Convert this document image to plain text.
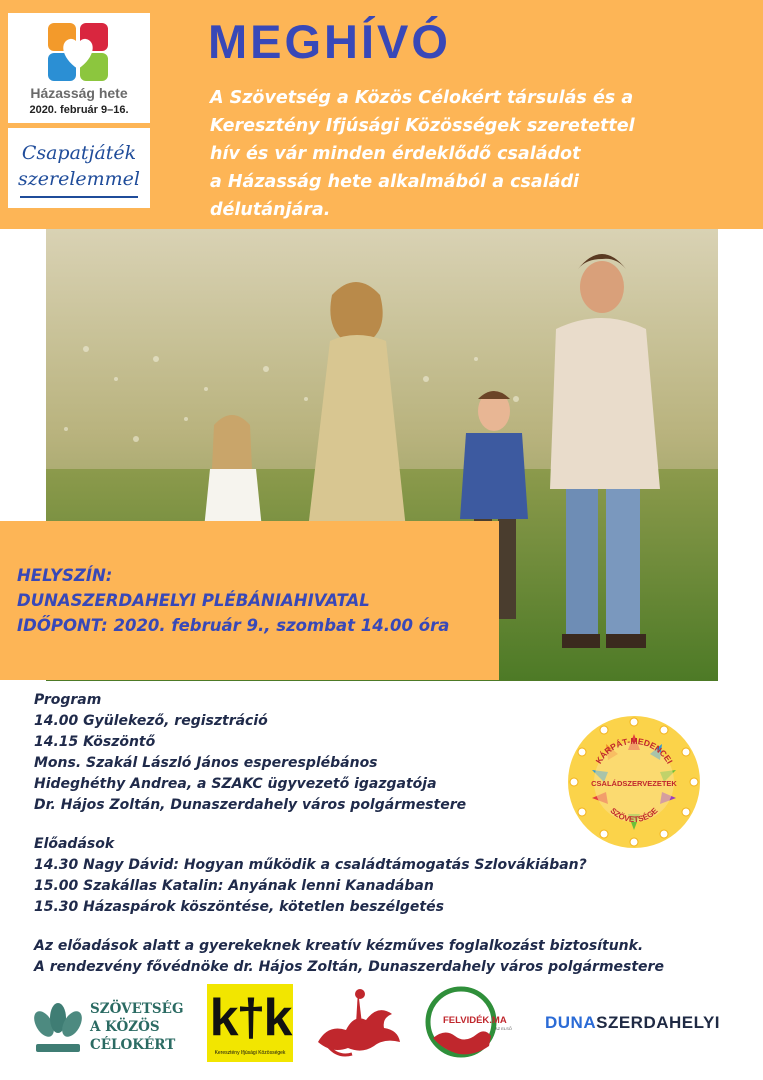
Házasság hete
2020. február 9–16.
Csapatjáték
szerelemmel
MEGHÍVÓ
A Szövetség a Közös Célokért társulás és a
Keresztény Ifjúsági Közösségek szeretettel
hív és vár minden érdeklődő családot
a Házasság hete alkalmából a családi
délutánjára.
HELYSZÍN:
DUNASZERDAHELYI PLÉBÁNIAHIVATAL
IDŐPONT: 2020. február 9., szombat 14.00 óra
Program
14.00 Gyülekező, regisztráció
14.15 Köszöntő
Mons. Szakál László János esperesplébános
Hideghéthy Andrea, a SZAKC ügyvezető igazgatója
Dr. Hájos Zoltán, Dunaszerdahely város polgármestere
Előadások
14.30 Nagy Dávid: Hogyan működik a családtámogatás Szlovákiában?
15.00 Szakállas Katalin: Anyának lenni Kanadában
15.30 Házaspárok köszöntése, kötetlen beszélgetés
Az előadások alatt a gyerekeknek kreatív kézműves foglalkozást biztosítunk.
A rendezvény fővédnöke dr. Hájos Zoltán, Dunaszerdahely város polgármestere
KÁRPÁT-MEDENCEI
CSALÁDSZERVEZETEK
SZÖVETSÉGE
SZÖVETSÉG
A KÖZÖS
CÉLOKÉRT k†k
Keresztény Ifjúsági Közösségek
FELVIDÉK.MA
AZ ELSŐ DUNASZERDAHELYI
